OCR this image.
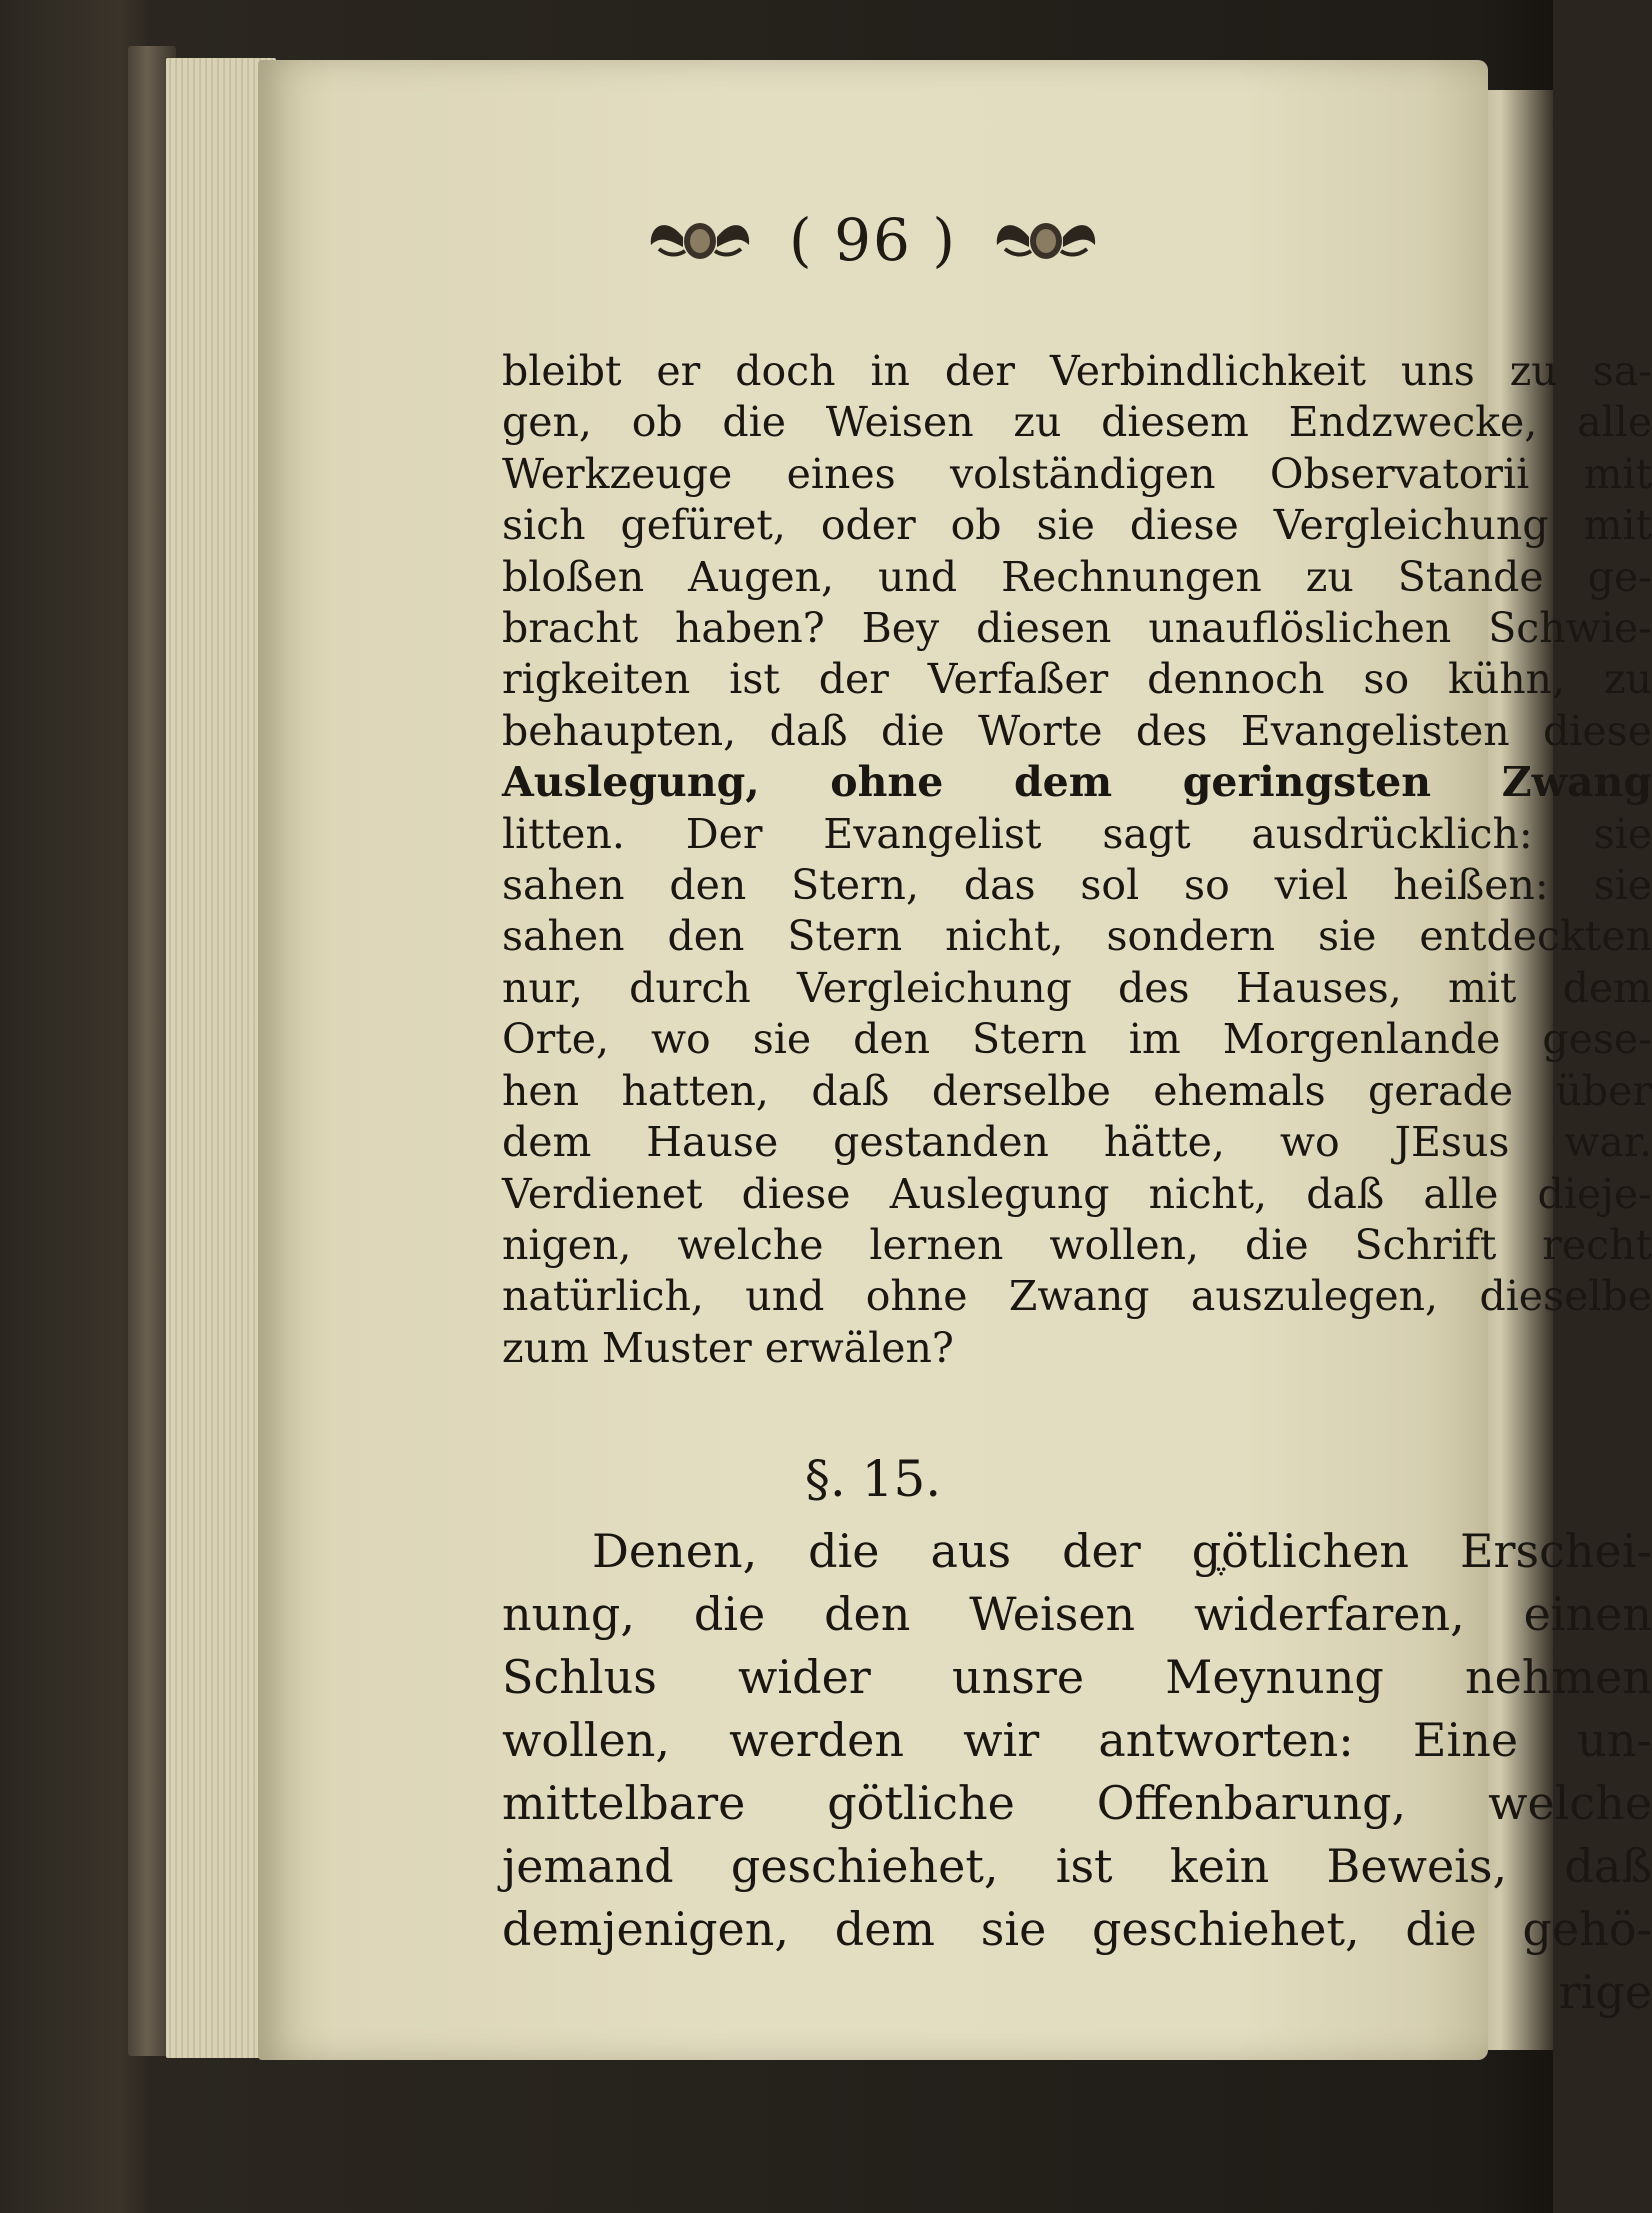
( 96 )
bleibt er doch in der Verbindlichkeit uns zu sa-
gen, ob die Weisen zu diesem Endzwecke, alle
Werkzeuge eines volständigen Observatorii mit
sich gefüret, oder ob sie diese Vergleichung mit
bloßen Augen, und Rechnungen zu Stande ge-
bracht haben? Bey diesen unauflöslichen Schwie-
rigkeiten ist der Verfaßer dennoch so kühn, zu
behaupten, daß die Worte des Evangelisten diese
Auslegung, ohne dem geringsten Zwang
litten. Der Evangelist sagt ausdrücklich: sie
sahen den Stern, das sol so viel heißen: sie
sahen den Stern nicht, sondern sie entdeckten
nur, durch Vergleichung des Hauses, mit dem
Orte, wo sie den Stern im Morgenlande gese-
hen hatten, daß derselbe ehemals gerade über
dem Hause gestanden hätte, wo JEsus war.
Verdienet diese Auslegung nicht, daß alle dieje-
nigen, welche lernen wollen, die Schrift recht
natürlich, und ohne Zwang auszulegen, dieselbe
zum Muster erwälen?
§. 15.
Denen, die aus der gֶötlichen Erschei-
nung, die den Weisen widerfaren, einen
Schlus wider unsre Meynung nehmen
wollen, werden wir antworten: Eine un-
mittelbare götliche Offenbarung, welche
jemand geschiehet, ist kein Beweis, daß
demjenigen, dem sie geschiehet, die gehö-
rige
